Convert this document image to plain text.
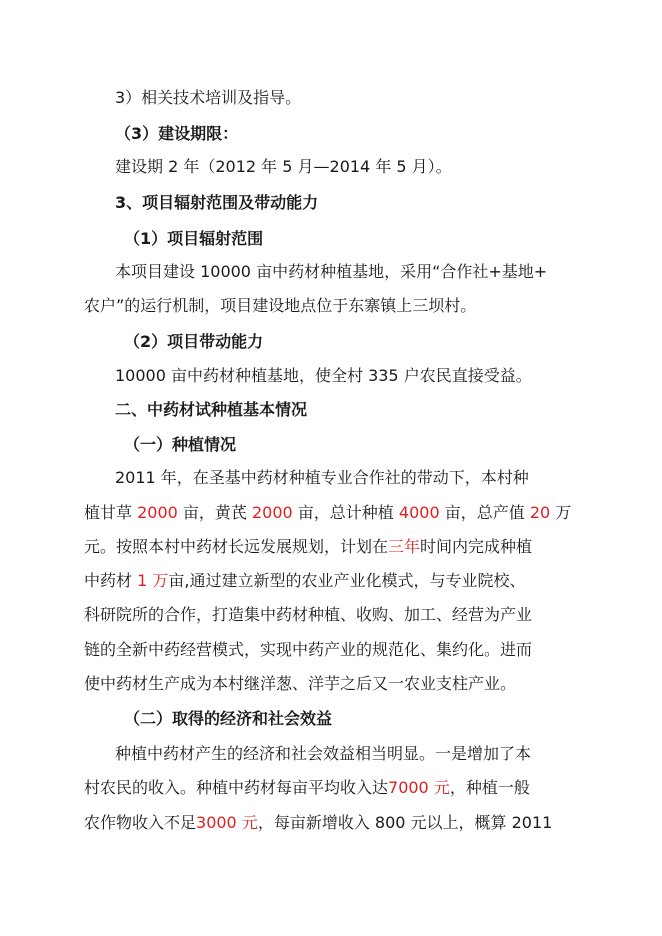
3）相关技术培训及指导。
（3）建设期限：
建设期 2 年（2012 年 5 月—2014 年 5 月）。
3、项目辐射范围及带动能力
（1）项目辐射范围
本项目建设 10000 亩中药材种植基地，采用“合作社+基地+
农户”的运行机制，项目建设地点位于东寨镇上三坝村。
（2）项目带动能力
10000 亩中药材种植基地，使全村 335 户农民直接受益。
二、中药材试种植基本情况
（一）种植情况
2011 年，在圣基中药材种植专业合作社的带动下，本村种
植甘草 2000 亩，黄芪 2000 亩，总计种植 4000 亩，总产值 20 万
元。按照本村中药材长远发展规划，计划在三年时间内完成种植
中药材 1 万亩,通过建立新型的农业产业化模式，与专业院校、
科研院所的合作，打造集中药材种植、收购、加工、经营为产业
链的全新中药经营模式，实现中药产业的规范化、集约化。进而
使中药材生产成为本村继洋葱、洋芋之后又一农业支柱产业。
（二）取得的经济和社会效益
种植中药材产生的经济和社会效益相当明显。一是增加了本
村农民的收入。种植中药材每亩平均收入达7000 元，种植一般
农作物收入不足3000 元，每亩新增收入 800 元以上，概算 2011
